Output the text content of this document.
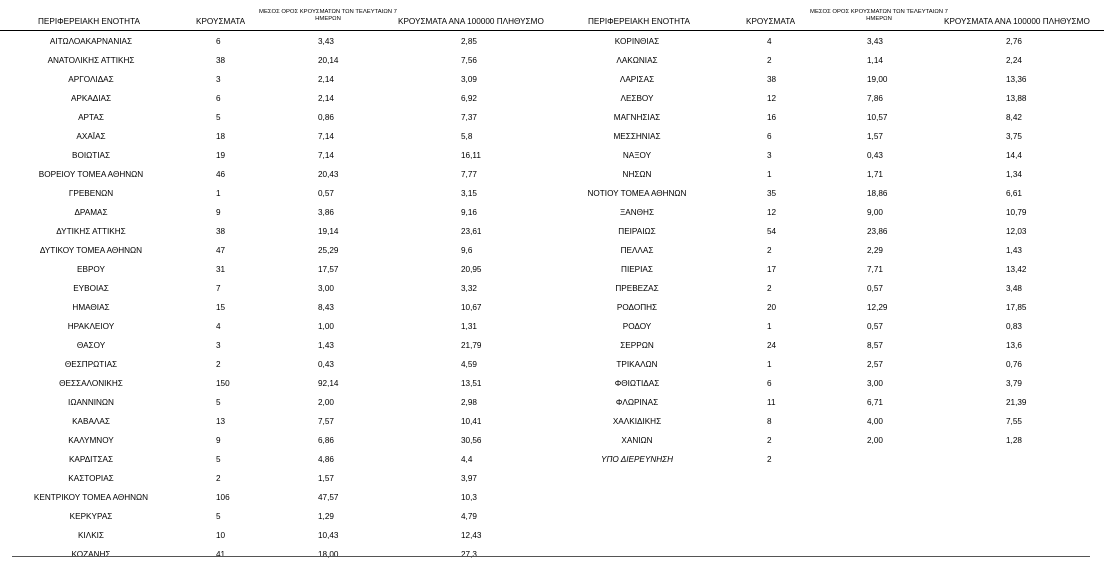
ΠΕΡΙΦΕΡΕΙΑΚΗ ΕΝΟΤΗΤΑ	ΚΡΟΥΣΜΑΤΑ
ΜΕΣΟΣ ΟΡΟΣ ΚΡΟΥΣΜΑΤΩΝ ΤΩΝ ΤΕΛΕΥΤΑΙΩΝ 7 ΗΜΕΡΩΝ	ΚΡΟΥΣΜΑΤΑ ΑΝΑ 100000 ΠΛΗΘΥΣΜΟ
ΑΙΤΩΛΟΑΚΑΡΝΑΝΙΑΣ	6	3,43	2,85
ΑΝΑΤΟΛΙΚΗΣ ΑΤΤΙΚΗΣ	38	20,14	7,56
ΑΡΓΟΛΙΔΑΣ	3	2,14	3,09
ΑΡΚΑΔΙΑΣ	6	2,14	6,92
ΑΡΤΑΣ	5	0,86	7,37
ΑΧΑΪΑΣ	18	7,14	5,8
ΒΟΙΩΤΙΑΣ	19	7,14	16,11
ΒΟΡΕΙΟΥ ΤΟΜΕΑ ΑΘΗΝΩΝ	46	20,43	7,77
ΓΡΕΒΕΝΩΝ	1	0,57	3,15
ΔΡΑΜΑΣ	9	3,86	9,16
ΔΥΤΙΚΗΣ ΑΤΤΙΚΗΣ	38	19,14	23,61
ΔΥΤΙΚΟΥ ΤΟΜΕΑ ΑΘΗΝΩΝ	47	25,29	9,6
ΕΒΡΟΥ	31	17,57	20,95
ΕΥΒΟΙΑΣ	7	3,00	3,32
ΗΜΑΘΙΑΣ	15	8,43	10,67
ΗΡΑΚΛΕΙΟΥ	4	1,00	1,31
ΘΑΣΟΥ	3	1,43	21,79
ΘΕΣΠΡΩΤΙΑΣ	2	0,43	4,59
ΘΕΣΣΑΛΟΝΙΚΗΣ	150	92,14	13,51
ΙΩΑΝΝΙΝΩΝ	5	2,00	2,98
ΚΑΒΑΛΑΣ	13	7,57	10,41
ΚΑΛΥΜΝΟΥ	9	6,86	30,56
ΚΑΡΔΙΤΣΑΣ	5	4,86	4,4
ΚΑΣΤΟΡΙΑΣ	2	1,57	3,97
ΚΕΝΤΡΙΚΟΥ ΤΟΜΕΑ ΑΘΗΝΩΝ	106	47,57	10,3
ΚΕΡΚΥΡΑΣ	5	1,29	4,79
ΚΙΛΚΙΣ	10	10,43	12,43
ΚΟΖΑΝΗΣ	41	18,00	27,3
ΠΕΡΙΦΕΡΕΙΑΚΗ ΕΝΟΤΗΤΑ	ΚΡΟΥΣΜΑΤΑ
ΜΕΣΟΣ ΟΡΟΣ ΚΡΟΥΣΜΑΤΩΝ ΤΩΝ ΤΕΛΕΥΤΑΙΩΝ 7 ΗΜΕΡΩΝ	ΚΡΟΥΣΜΑΤΑ ΑΝΑ 100000 ΠΛΗΘΥΣΜΟ
ΚΟΡΙΝΘΙΑΣ	4	3,43	2,76
ΛΑΚΩΝΙΑΣ	2	1,14	2,24
ΛΑΡΙΣΑΣ	38	19,00	13,36
ΛΕΣΒΟΥ	12	7,86	13,88
ΜΑΓΝΗΣΙΑΣ	16	10,57	8,42
ΜΕΣΣΗΝΙΑΣ	6	1,57	3,75
ΝΑΞΟΥ	3	0,43	14,4
ΝΗΣΩΝ	1	1,71	1,34
ΝΟΤΙΟΥ ΤΟΜΕΑ ΑΘΗΝΩΝ	35	18,86	6,61
ΞΑΝΘΗΣ	12	9,00	10,79
ΠΕΙΡΑΙΩΣ	54	23,86	12,03
ΠΕΛΛΑΣ	2	2,29	1,43
ΠΙΕΡΙΑΣ	17	7,71	13,42
ΠΡΕΒΕΖΑΣ	2	0,57	3,48
ΡΟΔΟΠΗΣ	20	12,29	17,85
ΡΟΔΟΥ	1	0,57	0,83
ΣΕΡΡΩΝ	24	8,57	13,6
ΤΡΙΚΑΛΩΝ	1	2,57	0,76
ΦΘΙΩΤΙΔΑΣ	6	3,00	3,79
ΦΛΩΡΙΝΑΣ	11	6,71	21,39
ΧΑΛΚΙΔΙΚΗΣ	8	4,00	7,55
ΧΑΝΙΩΝ	2	2,00	1,28
ΥΠΟ ΔΙΕΡΕΥΝΗΣΗ	2
